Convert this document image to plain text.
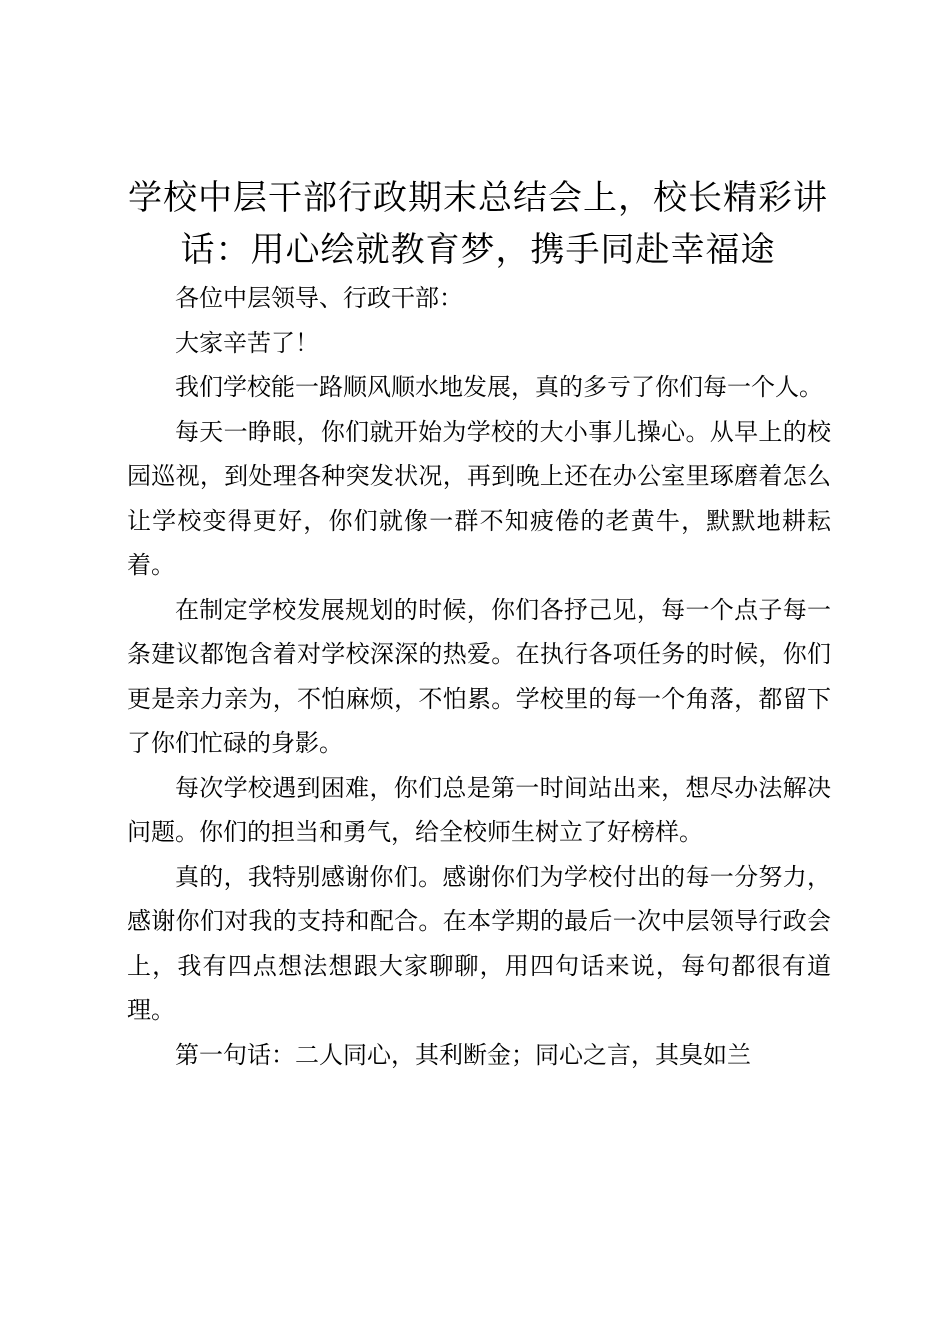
学校中层干部行政期末总结会上，校长精彩讲话：用心绘就教育梦，携手同赴幸福途

各位中层领导、行政干部：

大家辛苦了！

我们学校能一路顺风顺水地发展，真的多亏了你们每一个人。

每天一睁眼，你们就开始为学校的大小事儿操心。从早上的校园巡视，到处理各种突发状况，再到晚上还在办公室里琢磨着怎么让学校变得更好，你们就像一群不知疲倦的老黄牛，默默地耕耘着。

在制定学校发展规划的时候，你们各抒己见，每一个点子每一条建议都饱含着对学校深深的热爱。在执行各项任务的时候，你们更是亲力亲为，不怕麻烦，不怕累。学校里的每一个角落，都留下了你们忙碌的身影。

每次学校遇到困难，你们总是第一时间站出来，想尽办法解决问题。你们的担当和勇气，给全校师生树立了好榜样。

真的，我特别感谢你们。感谢你们为学校付出的每一分努力，感谢你们对我的支持和配合。在本学期的最后一次中层领导行政会上，我有四点想法想跟大家聊聊，用四句话来说，每句都很有道理。

第一句话：二人同心，其利断金；同心之言，其臭如兰
